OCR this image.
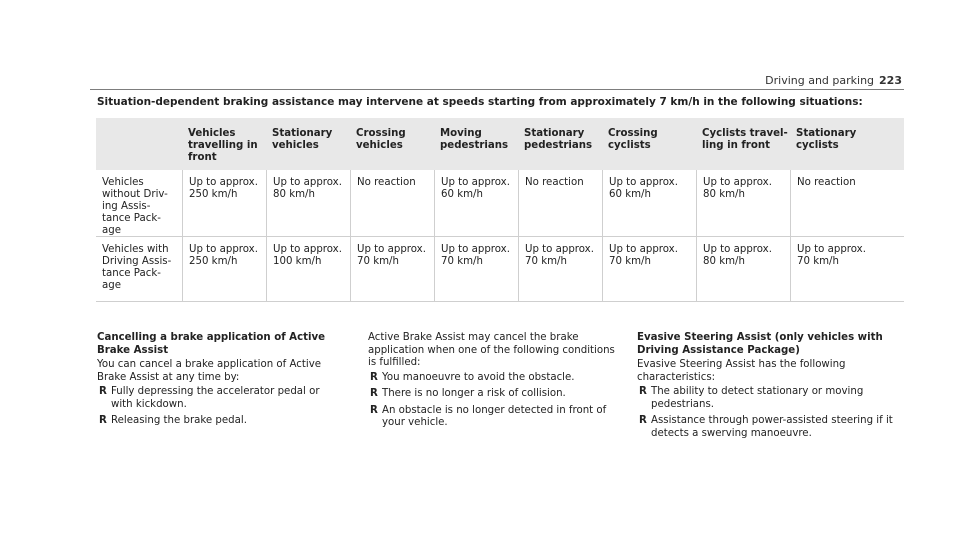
Driving and parking 223
Situation-dependent braking assistance may intervene at speeds starting from approximately 7 km/h in the following situations:
Vehicles
travelling in
front
Stationary
vehicles
Crossing
vehicles
Moving
pedestrians
Stationary
pedestrians
Crossing
cyclists
Cyclists travel-
ling in front
Stationary
cyclists
Vehicles
without Driv-
ing Assis-
tance Pack-
age
Up to approx.
250 km/h
Up to approx.
80 km/h
No reaction	Up to approx.
60 km/h
No reaction	Up to approx.
60 km/h
Up to approx.
80 km/h
No reaction
Vehicles with
Driving Assis-
tance Pack-
age
Up to approx.
250 km/h
Up to approx.
100 km/h
Up to approx.
70 km/h
Up to approx.
70 km/h
Up to approx.
70 km/h
Up to approx.
70 km/h
Up to approx.
80 km/h
Up to approx.
70 km/h

Cancelling a brake application of Active Brake Assist

You can cancel a brake application of Active Brake Assist at any time by:

R Fully depressing the accelerator pedal or with kickdown.
R Releasing the brake pedal.

Active Brake Assist may cancel the brake application when one of the following conditions is fulfilled:

R You manoeuvre to avoid the obstacle.
R There is no longer a risk of collision.
R An obstacle is no longer detected in front of your vehicle.

Evasive Steering Assist (only vehicles with Driving Assistance Package)

Evasive Steering Assist has the following characteristics:

R The ability to detect stationary or moving pedestrians.
R Assistance through power-assisted steering if it detects a swerving manoeuvre.
